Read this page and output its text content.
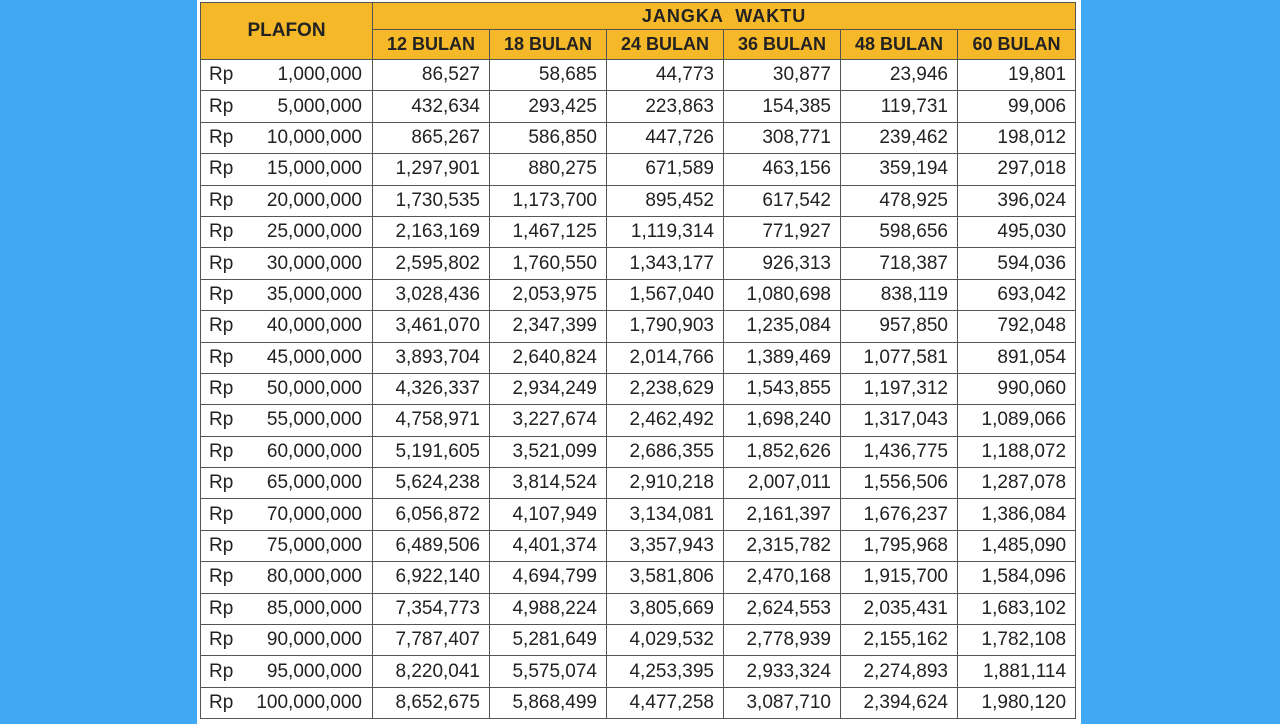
PLAFON	JANGKA  WAKTU					
	12 BULAN	18 BULAN	24 BULAN	36 BULAN	48 BULAN	60 BULAN

Rp 1,000,000	86,527	58,685	44,773	30,877	23,946	19,801

Rp 5,000,000	432,634	293,425	223,863	154,385	119,731	99,006

Rp 10,000,000	865,267	586,850	447,726	308,771	239,462	198,012

Rp 15,000,000	1,297,901	880,275	671,589	463,156	359,194	297,018

Rp 20,000,000	1,730,535	1,173,700	895,452	617,542	478,925	396,024

Rp 25,000,000	2,163,169	1,467,125	1,119,314	771,927	598,656	495,030

Rp 30,000,000	2,595,802	1,760,550	1,343,177	926,313	718,387	594,036

Rp 35,000,000	3,028,436	2,053,975	1,567,040	1,080,698	838,119	693,042

Rp 40,000,000	3,461,070	2,347,399	1,790,903	1,235,084	957,850	792,048

Rp 45,000,000	3,893,704	2,640,824	2,014,766	1,389,469	1,077,581	891,054

Rp 50,000,000	4,326,337	2,934,249	2,238,629	1,543,855	1,197,312	990,060

Rp 55,000,000	4,758,971	3,227,674	2,462,492	1,698,240	1,317,043	1,089,066

Rp 60,000,000	5,191,605	3,521,099	2,686,355	1,852,626	1,436,775	1,188,072

Rp 65,000,000	5,624,238	3,814,524	2,910,218	2,007,011	1,556,506	1,287,078

Rp 70,000,000	6,056,872	4,107,949	3,134,081	2,161,397	1,676,237	1,386,084

Rp 75,000,000	6,489,506	4,401,374	3,357,943	2,315,782	1,795,968	1,485,090

Rp 80,000,000	6,922,140	4,694,799	3,581,806	2,470,168	1,915,700	1,584,096

Rp 85,000,000	7,354,773	4,988,224	3,805,669	2,624,553	2,035,431	1,683,102

Rp 90,000,000	7,787,407	5,281,649	4,029,532	2,778,939	2,155,162	1,782,108

Rp 95,000,000	8,220,041	5,575,074	4,253,395	2,933,324	2,274,893	1,881,114

Rp 100,000,000	8,652,675	5,868,499	4,477,258	3,087,710	2,394,624	1,980,120
